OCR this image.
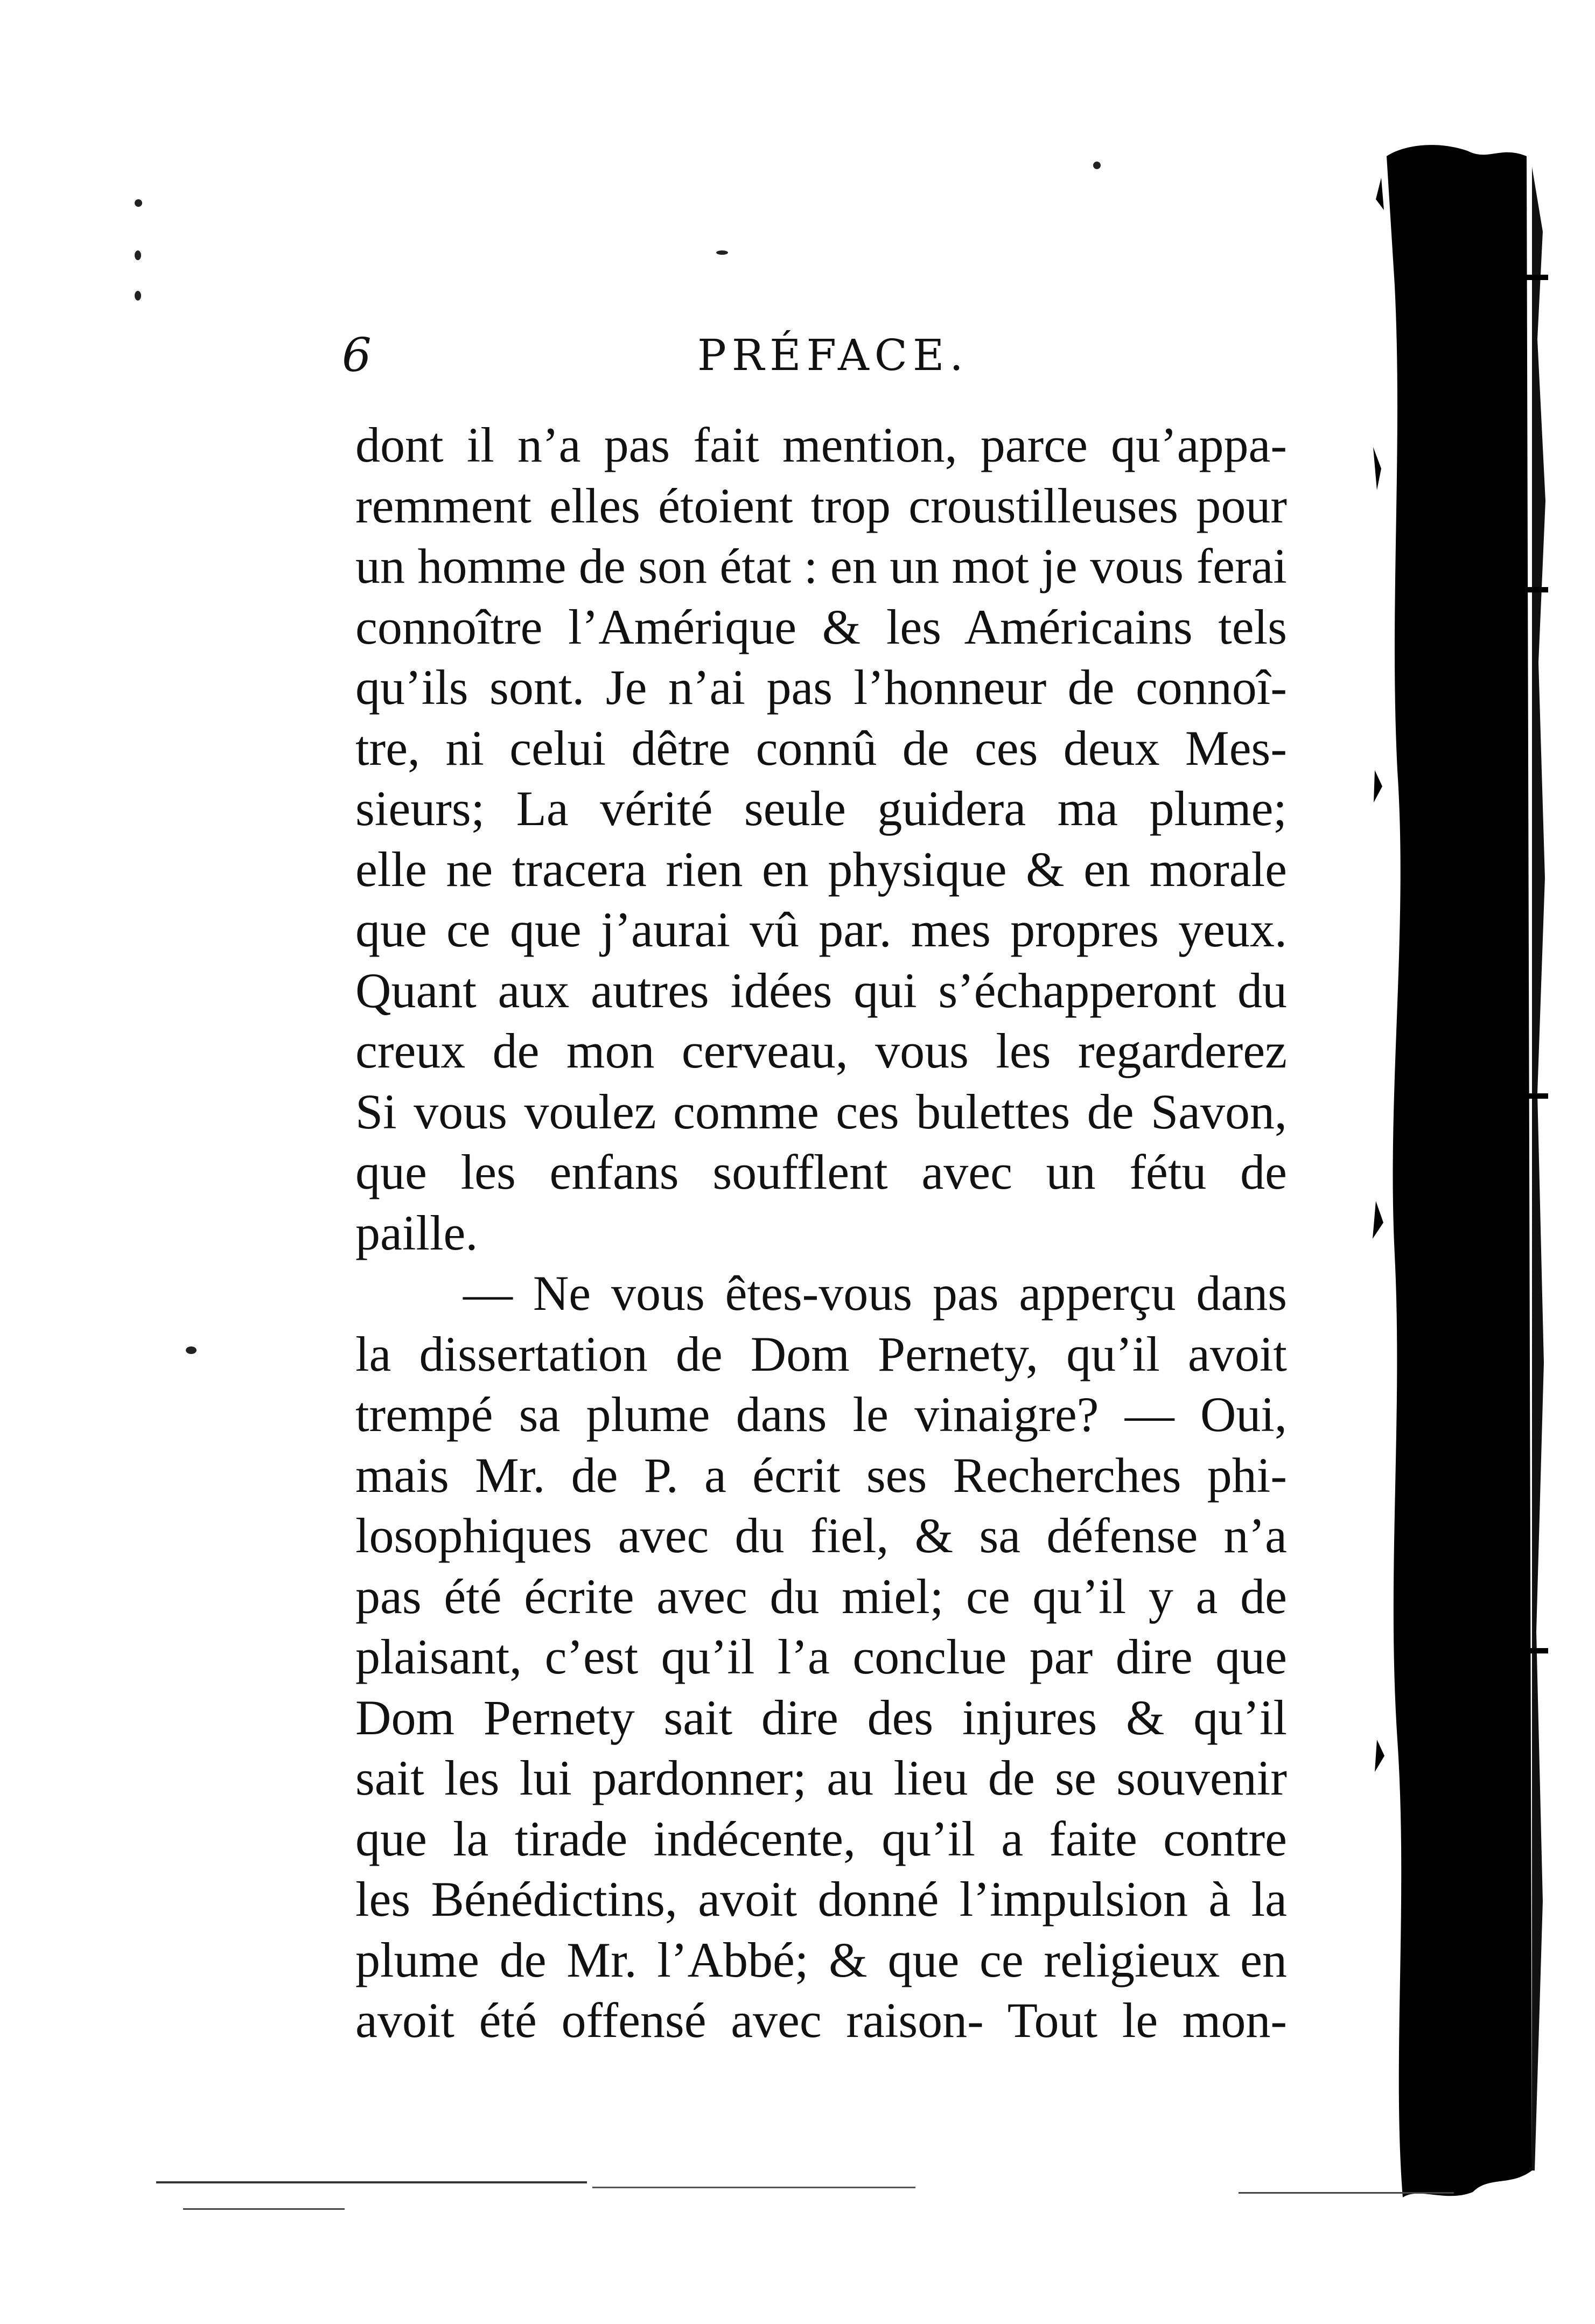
6	PRÉFACE.
dont il n’a pas fait mention, parce qu’appa-
remment elles étoient trop croustilleuses pour
un homme de son état : en un mot je vous ferai
connoître l’Amérique & les Américains tels
qu’ils sont. Je n’ai pas l’honneur de connoî-
tre, ni celui dêtre connû de ces deux Mes-
sieurs; La vérité seule guidera ma plume;
elle ne tracera rien en physique & en morale
que ce que j’aurai vû par. mes propres yeux.
Quant aux autres idées qui s’échapperont du
creux de mon cerveau, vous les regarderez
Si vous voulez comme ces bulettes de Savon,
que les enfans soufflent avec un fétu de
paille.
— Ne vous êtes-vous pas apperçu dans
la dissertation de Dom Pernety, qu’il avoit
trempé sa plume dans le vinaigre? — Oui,
mais Mr. de P. a écrit ses Recherches phi-
losophiques avec du fiel, & sa défense n’a
pas été écrite avec du miel; ce qu’il y a de
plaisant, c’est qu’il l’a conclue par dire que
Dom Pernety sait dire des injures & qu’il
sait les lui pardonner; au lieu de se souvenir
que la tirade indécente, qu’il a faite contre
les Bénédictins, avoit donné l’impulsion à la
plume de Mr. l’Abbé; & que ce religieux en
avoit été offensé avec raison- Tout le mon-
